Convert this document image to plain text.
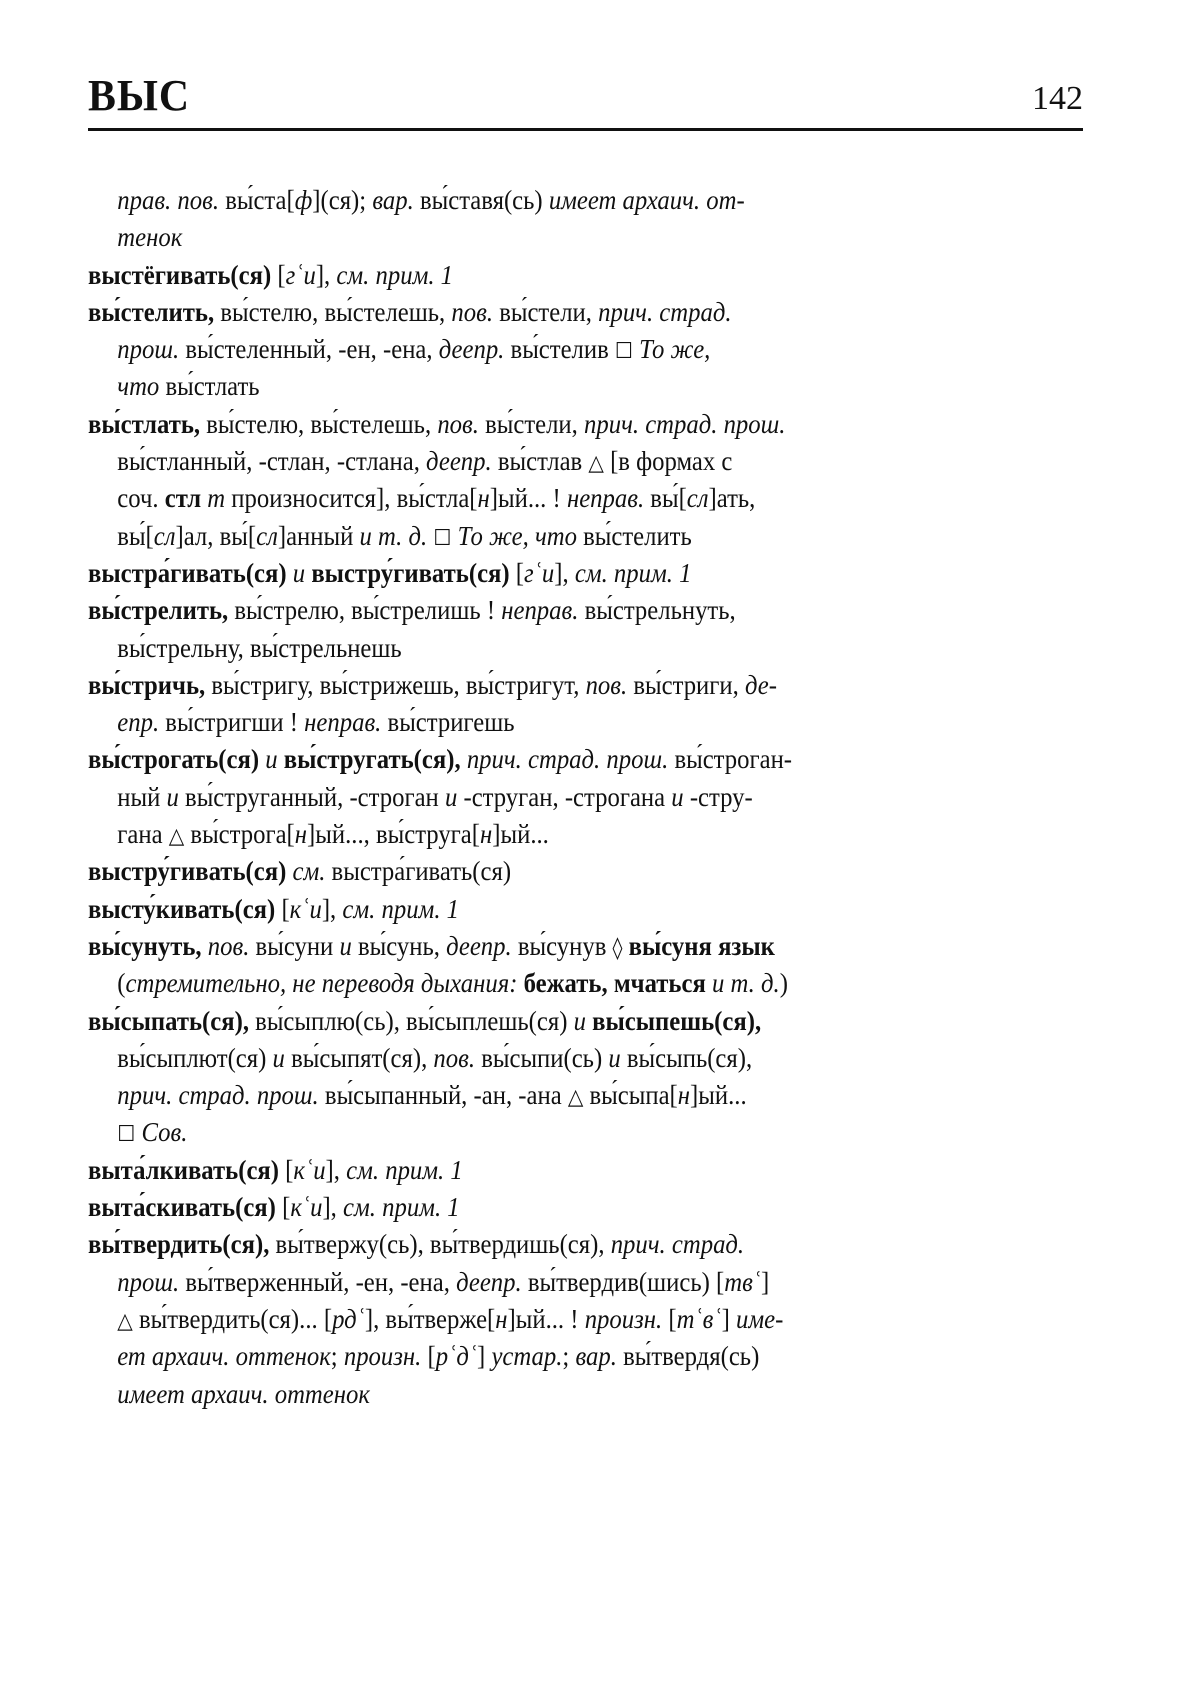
ВЫС	142
прав. пов. вы́ста[ф](ся); вар. вы́ставя(сь) имеет архаич. от-
тенок
выстёгивать(ся) [гʿи], см. прим. 1
вы́стелить, вы́стелю, вы́стелешь, пов. вы́стели, прич. страд.
прош. вы́стеленный, -ен, -ена, деепр. вы́стелив ☐ То же,
что вы́стлать
вы́стлать, вы́стелю, вы́стелешь, пов. вы́стели, прич. страд. прош.
вы́стланный, -стлан, -стлана, деепр. вы́стлав △ [в формах с
соч. стл т произносится], вы́стла[н]ый... ! неправ. вы́[сл]ать,
вы́[сл]ал, вы́[сл]анный и т. д. ☐ То же, что вы́стелить
выстра́гивать(ся) и выстру́гивать(ся) [гʿи], см. прим. 1
вы́стрелить, вы́стрелю, вы́стрелишь ! неправ. вы́стрельнуть,
вы́стрельну, вы́стрельнешь
вы́стричь, вы́стригу, вы́стрижешь, вы́стригут, пов. вы́стриги, де-
епр. вы́стригши ! неправ. вы́стригешь
вы́строгать(ся) и вы́стругать(ся), прич. страд. прош. вы́строган-
ный и вы́струганный, -строган и -струган, -строгана и -стру-
гана △ вы́строга[н]ый..., вы́струга[н]ый...
выстру́гивать(ся) см. выстра́гивать(ся)
высту́кивать(ся) [кʿи], см. прим. 1
вы́сунуть, пов. вы́суни и вы́сунь, деепр. вы́сунув ◊ вы́суня язык
(стремительно, не переводя дыхания: бежать, мчаться и т. д.)
вы́сыпать(ся), вы́сыплю(сь), вы́сыплешь(ся) и вы́сыпешь(ся),
вы́сыплют(ся) и вы́сыпят(ся), пов. вы́сыпи(сь) и вы́сыпь(ся),
прич. страд. прош. вы́сыпанный, -ан, -ана △ вы́сыпа[н]ый...
☐ Сов.
выта́лкивать(ся) [кʿи], см. прим. 1
выта́скивать(ся) [кʿи], см. прим. 1
вы́твердить(ся), вы́твержу(сь), вы́твердишь(ся), прич. страд.
прош. вы́тверженный, -ен, -ена, деепр. вы́твердив(шись) [твʿ]
△ вы́твердить(ся)... [рдʿ], вы́тверже[н]ый... ! произн. [тʿвʿ] име-
ет архаич. оттенок; произн. [рʿдʿ] устар.; вар. вы́твердя(сь)
имеет архаич. оттенок
